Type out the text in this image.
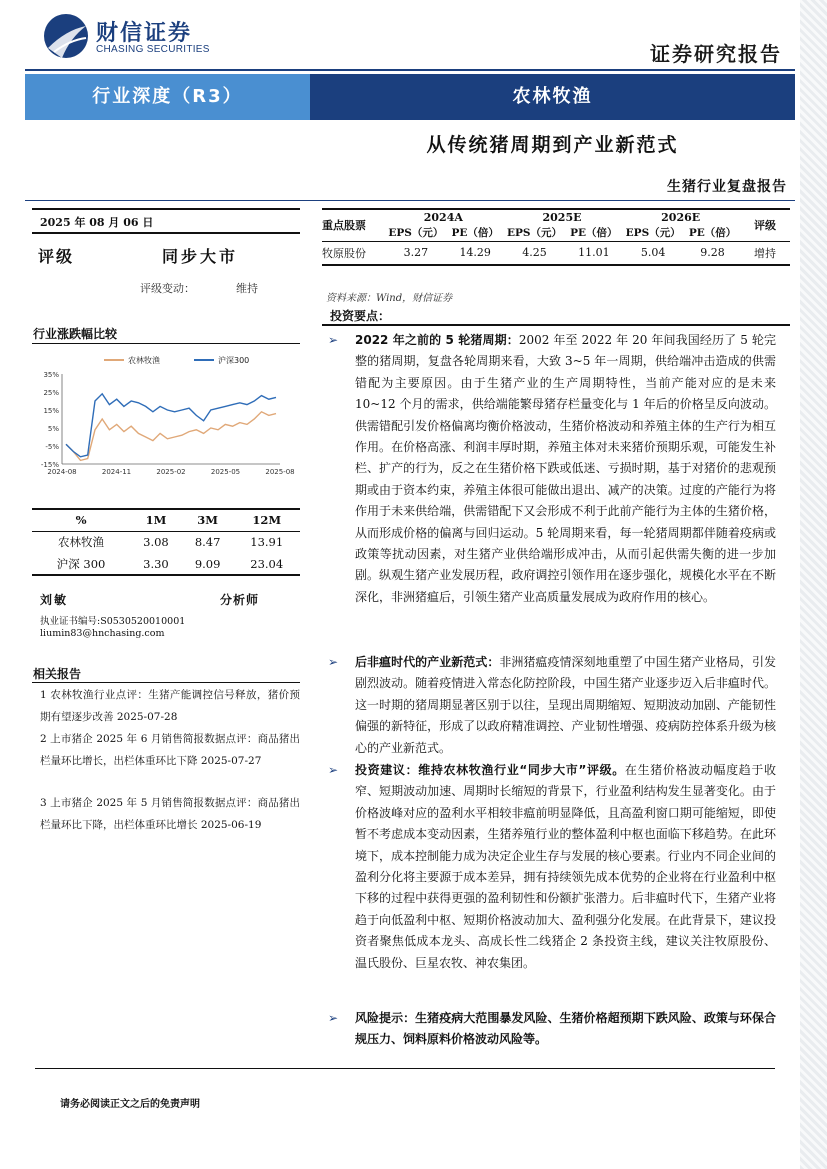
财信证券
CHASING SECURITIES	证券研究报告
行业深度（R3）	农林牧渔
从传统猪周期到产业新范式
生猪行业复盘报告
2025 年 08 月 06 日
评级	同步大市
评级变动：	维持
行业涨跌幅比较
-15%
-5%
5%
15%
25%
35%
2024-08	2024-11	2025-02	2025-05	2025-08
农林牧渔	沪深300
%	1M	3M	12M
农林牧渔	3.08	8.47	13.91
沪深 300	3.30	9.09	23.04
刘敏	分析师
执业证书编号:S0530520010001
liumin83@hnchasing.com
相关报告
1 农林牧渔行业点评：生猪产能调控信号释放，猪价预期有望逐步改善 2025-07-28
2 上市猪企 2025 年 6 月销售简报数据点评：商品猪出栏量环比增长，出栏体重环比下降 2025-07-27
3 上市猪企 2025 年 5 月销售简报数据点评：商品猪出栏量环比下降，出栏体重环比增长 2025-06-19
重点股票	2024A		2025E		2026E		评级
	EPS（元）	PE（倍）	EPS（元）	PE（倍）	EPS（元）	PE（倍）	
牧原股份	3.27	14.29	4.25	11.01	5.04	9.28	增持
资料来源：Wind，财信证券
投资要点：
➢	2022 年之前的 5 轮猪周期：2002 年至 2022 年 20 年间我国经历了 5 轮完整的猪周期，复盘各轮周期来看，大致 3~5 年一周期，供给端冲击造成的供需错配为主要原因。由于生猪产业的生产周期特性，当前产能对应的是未来 10~12 个月的需求，供给端能繁母猪存栏量变化与 1 年后的价格呈反向波动。供需错配引发价格偏离均衡价格波动，生猪价格波动和养殖主体的生产行为相互作用。在价格高涨、利润丰厚时期，养殖主体对未来猪价预期乐观，可能发生补栏、扩产的行为，反之在生猪价格下跌或低迷、亏损时期，基于对猪价的悲观预期或由于资本约束，养殖主体很可能做出退出、减产的决策。过度的产能行为将作用于未来供给端，供需错配下又会形成不利于此前产能行为主体的生猪价格，从而形成价格的偏离与回归运动。5 轮周期来看，每一轮猪周期都伴随着疫病或政策等扰动因素，对生猪产业供给端形成冲击，从而引起供需失衡的进一步加剧。纵观生猪产业发展历程，政府调控引领作用在逐步强化，规模化水平在不断深化，非洲猪瘟后，引领生猪产业高质量发展成为政府作用的核心。
➢	后非瘟时代的产业新范式：非洲猪瘟疫情深刻地重塑了中国生猪产业格局，引发剧烈波动。随着疫情进入常态化防控阶段，中国生猪产业逐步迈入后非瘟时代。这一时期的猪周期显著区别于以往，呈现出周期缩短、短期波动加剧、产能韧性偏强的新特征，形成了以政府精准调控、产业韧性增强、疫病防控体系升级为核心的产业新范式。
➢	投资建议：维持农林牧渔行业“同步大市”评级。在生猪价格波动幅度趋于收窄、短期波动加速、周期时长缩短的背景下，行业盈利结构发生显著变化。由于价格波峰对应的盈利水平相较非瘟前明显降低，且高盈利窗口期可能缩短，即使暂不考虑成本变动因素，生猪养殖行业的整体盈利中枢也面临下移趋势。在此环境下，成本控制能力成为决定企业生存与发展的核心要素。行业内不同企业间的盈利分化将主要源于成本差异，拥有持续领先成本优势的企业将在行业盈利中枢下移的过程中获得更强的盈利韧性和份额扩张潜力。后非瘟时代下，生猪产业将趋于向低盈利中枢、短期价格波动加大、盈利强分化发展。在此背景下，建议投资者聚焦低成本龙头、高成长性二线猪企 2 条投资主线，建议关注牧原股份、温氏股份、巨星农牧、神农集团。
➢	风险提示：生猪疫病大范围暴发风险、生猪价格超预期下跌风险、政策与环保合规压力、饲料原料价格波动风险等。
请务必阅读正文之后的免责声明
